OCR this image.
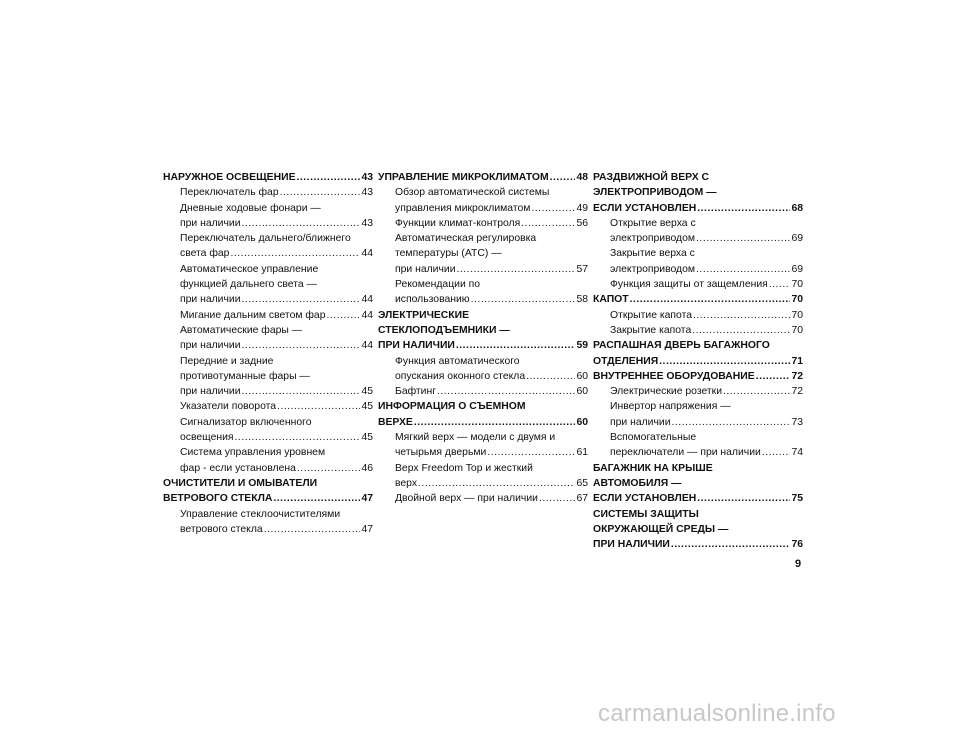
НАРУЖНОЕ ОСВЕЩЕНИЕ .....	43
Переключатель фар .....	43
Дневные ходовые фонари —
при наличии .....	43
Переключатель дальнего/ближнего
света фар .....	44
Автоматическое управление
функцией дальнего света —
при наличии .....	44
Мигание дальним светом фар .....	44
Автоматические фары —
при наличии .....	44
Передние и задние
противотуманные фары —
при наличии .....	45
Указатели поворота .....	45
Сигнализатор включенного
освещения .....	45
Система управления уровнем
фар - если установлена .....	46
ОЧИСТИТЕЛИ И ОМЫВАТЕЛИ
ВЕТРОВОГО СТЕКЛА .....	47
Управление стеклоочистителями
ветрового стекла .....	47
УПРАВЛЕНИЕ МИКРОКЛИМАТОМ .....	48
Обзор автоматической системы
управления микроклиматом .....	49
Функции климат-контроля .....	56
Автоматическая регулировка
температуры (ATC) —
при наличии .....	57
Рекомендации по
использованию .....	58
ЭЛЕКТРИЧЕСКИЕ
СТЕКЛОПОДЪЕМНИКИ —
ПРИ НАЛИЧИИ .....	59
Функция автоматического
опускания оконного стекла .....	60
Бафтинг .....	60
ИНФОРМАЦИЯ О СЪЕМНОМ
ВЕРХЕ .....	60
Мягкий верх — модели с двумя и
четырьмя дверьми .....	61
Верх Freedom Top и жесткий
верх .....	65
Двойной верх — при наличии .....	67
РАЗДВИЖНОЙ ВЕРХ С
ЭЛЕКТРОПРИВОДОМ —
ЕСЛИ УСТАНОВЛЕН .....	68
Открытие верха с
электроприводом .....	69
Закрытие верха с
электроприводом .....	69
Функция защиты от защемления ..... 70
КАПОТ .....	70
Открытие капота .....	70
Закрытие капота .....	70
РАСПАШНАЯ ДВЕРЬ БАГАЖНОГО
ОТДЕЛЕНИЯ .....	71
ВНУТРЕННЕЕ ОБОРУДОВАНИЕ .....	72
Электрические розетки .....	72
Инвертор напряжения —
при наличии .....	73
Вспомогательные
переключатели — при наличии .....	74
БАГАЖНИК НА КРЫШЕ
АВТОМОБИЛЯ —
ЕСЛИ УСТАНОВЛЕН .....	75
СИСТЕМЫ ЗАЩИТЫ
ОКРУЖАЮЩЕЙ СРЕДЫ —
ПРИ НАЛИЧИИ .....	76
9
carmanualsonline.info
